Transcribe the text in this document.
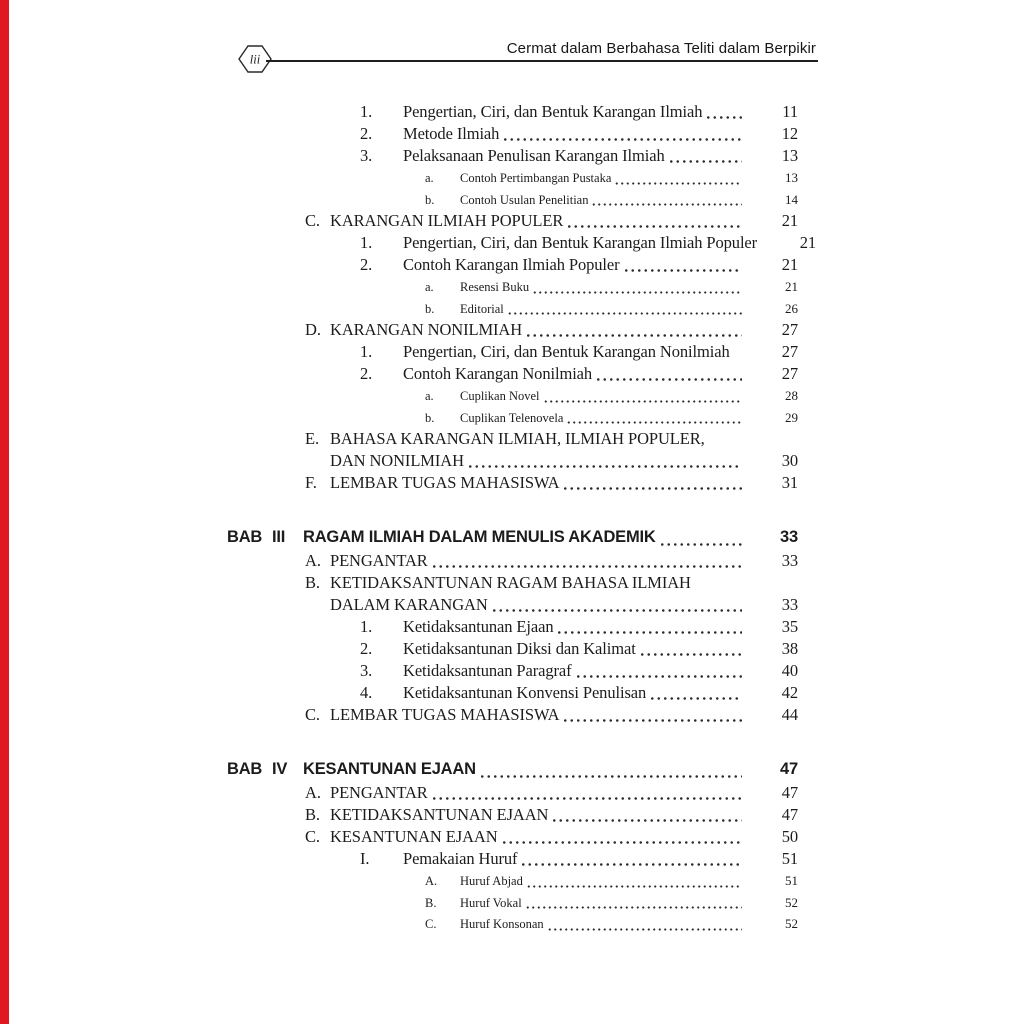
lii
Cermat dalam Berbahasa Teliti dalam Berpikir
1.	Pengertian, Ciri, dan Bentuk Karangan Ilmiah	11
2.	Metode Ilmiah	12
3.	Pelaksanaan Penulisan Karangan Ilmiah	13
a.	Contoh Pertimbangan Pustaka	13
b.	Contoh Usulan Penelitian	14
C. KARANGAN ILMIAH POPULER	21
1.	Pengertian, Ciri, dan Bentuk Karangan Ilmiah Populer	21
2.	Contoh Karangan Ilmiah Populer	21
a.	Resensi Buku	21
b.	Editorial	26
D. KARANGAN NONILMIAH	27
1.	Pengertian, Ciri, dan Bentuk Karangan Nonilmiah	27
2.	Contoh Karangan Nonilmiah	27
a.	Cuplikan Novel	28
b.	Cuplikan Telenovela	29
E. BAHASA KARANGAN ILMIAH, ILMIAH POPULER,
DAN NONILMIAH	30
F. LEMBAR TUGAS MAHASISWA	31
BAB III	RAGAM ILMIAH DALAM MENULIS AKADEMIK	33
A. PENGANTAR	33
B. KETIDAKSANTUNAN RAGAM BAHASA ILMIAH
DALAM KARANGAN	33
1.	Ketidaksantunan Ejaan	35
2.	Ketidaksantunan Diksi dan Kalimat	38
3.	Ketidaksantunan Paragraf	40
4.	Ketidaksantunan Konvensi Penulisan	42
C. LEMBAR TUGAS MAHASISWA	44
BAB IV KESANTUNAN EJAAN	47
A. PENGANTAR	47
B. KETIDAKSANTUNAN EJAAN	47
C. KESANTUNAN EJAAN	50
I.	Pemakaian Huruf	51
A.	Huruf Abjad	51
B.	Huruf Vokal	52
C.	Huruf Konsonan	52
